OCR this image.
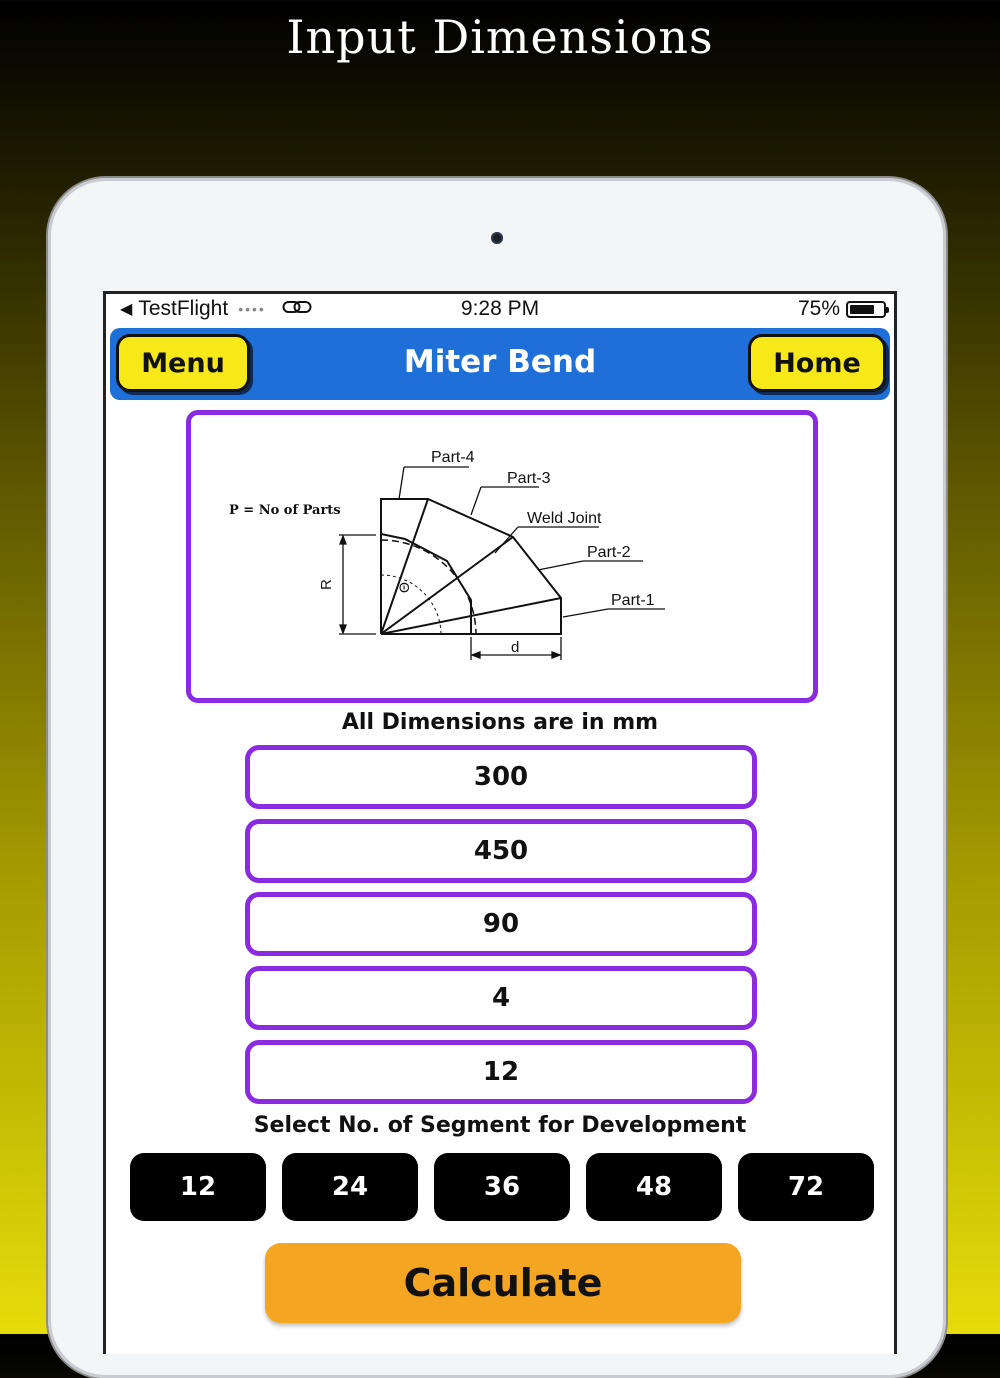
Input Dimensions
◀ TestFlight ••••	9:28 PM	75%
Menu	Miter Bend	Home
P = No of Parts
R	Θ
d
Part-4
Part-3
Weld Joint
Part-2
Part-1
All Dimensions are in mm
300
450
90
4
12
Select No. of Segment for Development
12	24	36	48	72
Calculate
